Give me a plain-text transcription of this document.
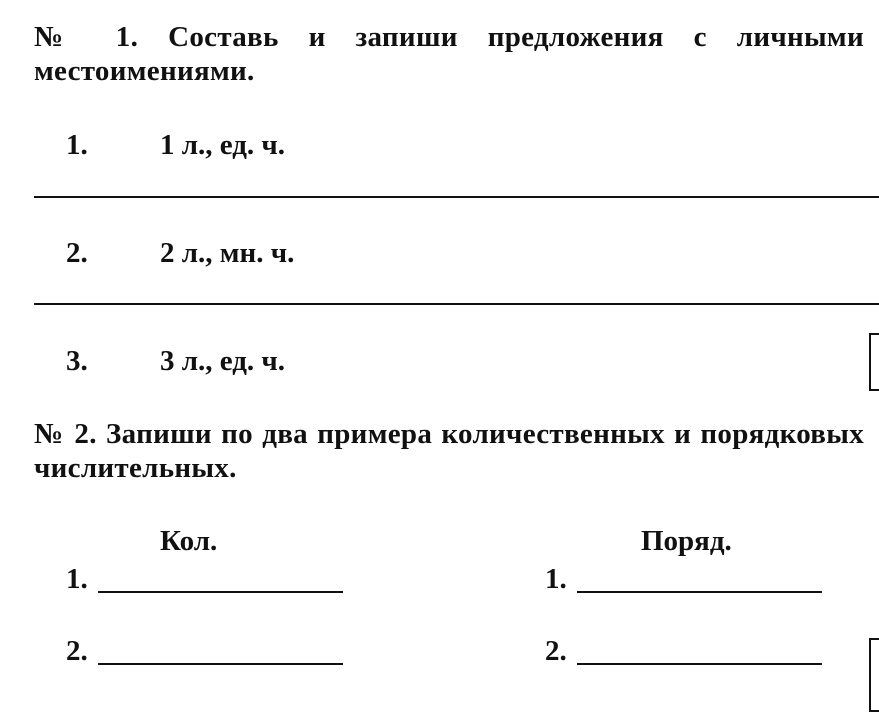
№ 1. Составь и запиши предложения с личными местоимениями.

1. 1 л., ед. ч.
2. 2 л., мн. ч.
3. 3 л., ед. ч.

№ 2. Запиши по два примера количественных и порядковых числительных.

Кол.	Поряд.
1.	1.
2.	2.
